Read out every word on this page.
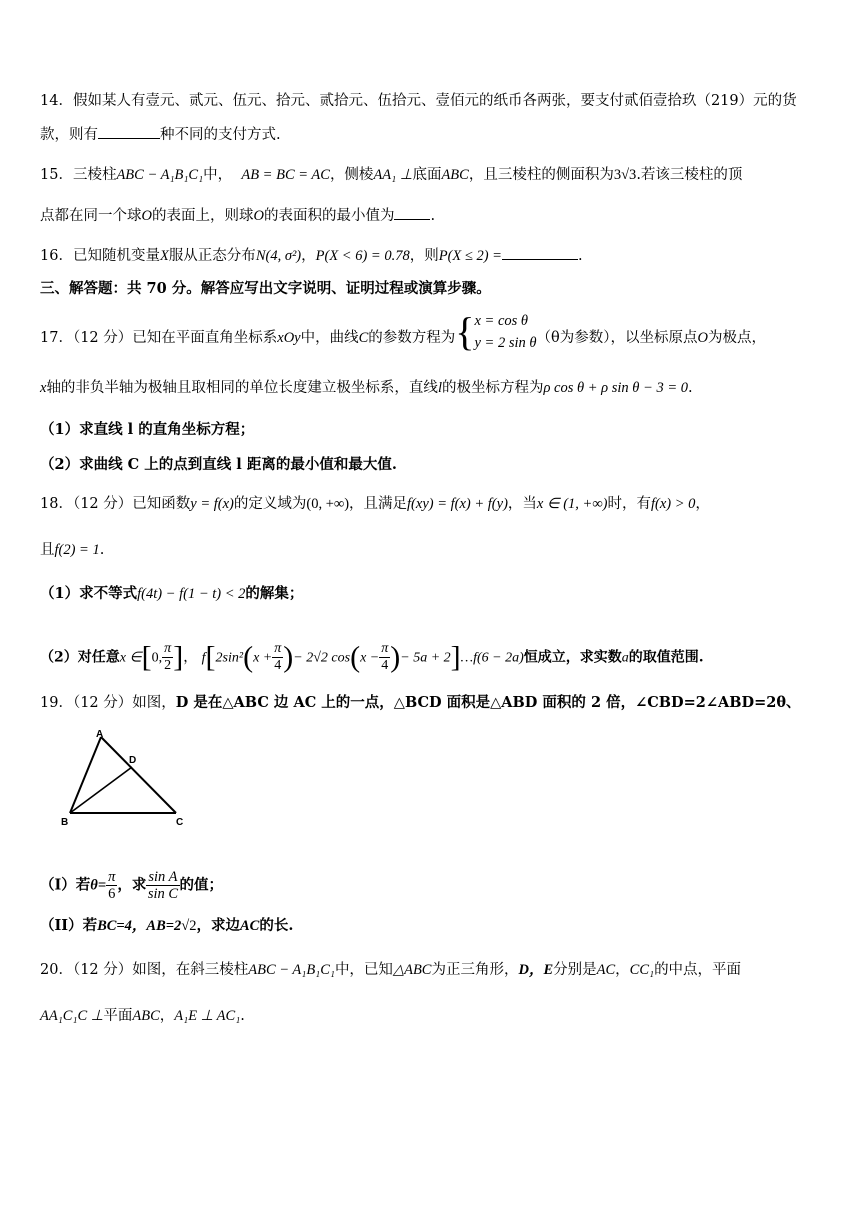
14．假如某人有壹元、贰元、伍元、拾元、贰拾元、伍拾元、壹佰元的纸币各两张，要支付贰佰壹拾玖（219）元的货
款，则有	种不同的支付方式.
15．三棱柱ABC − A₁B₁C₁中， AB = BC = AC，侧棱AA₁ ⊥底面ABC，且三棱柱的侧面积为3√3.若该三棱柱的顶
点都在同一个球O的表面上，则球O的表面积的最小值为 .
16．已知随机变量X服从正态分布N(4, σ²)，P(X < 6) = 0.78，则P(X ≤ 2) =	.
三、解答题：共 70 分。解答应写出文字说明、证明过程或演算步骤。
17．（12 分）已知在平面直角坐标系xOy中，曲线C的参数方程为 { x = cos θ
y = 2 sin θ （θ为参数），以坐标原点O为极点，
x轴的非负半轴为极轴且取相同的单位长度建立极坐标系，直线l的极坐标方程为ρ cos θ + ρ sin θ − 3 = 0.
（1）求直线 l 的直角坐标方程；
（2）求曲线 C 上的点到直线 l 距离的最小值和最大值.
18．（12 分）已知函数y = f(x)的定义域为(0, +∞)，且满足f(xy) = f(x) + f(y)，当x ∈ (1, +∞)时，有f(x) > 0，
且f(2) = 1.
（1）求不等式f(4t) − f(1 − t) < 2的解集；
（2）对任意x ∈[0, $\frac{\pi}{2}$ ]， $f[2\sin^2(x + \frac{\pi}{4}$ )− 2√2 $\cos(x - \frac{\pi}{4}$ )− 5a + 2]…f(6 − 2a)恒成立，求实数a的取值范围.
19．（12 分）如图，D 是在△ABC 边 AC 上的一点，△BCD 面积是△ABD 面积的 2 倍，∠CBD=2∠ABD=2θ、
A
B	C
D
（I）若$\theta= \frac{\pi}{6}$ ，求 $\frac{\text{sin A}}{\text{sin C}}$ 的值；
（II）若BC=4，AB=2√2，求边AC的长.
20．（12 分）如图，在斜三棱柱ABC − A₁B₁C₁中，已知△ABC为正三角形，D，E分别是AC，CC₁的中点，平面
AA₁C₁C ⊥平面ABC，A₁E ⊥ AC₁.
